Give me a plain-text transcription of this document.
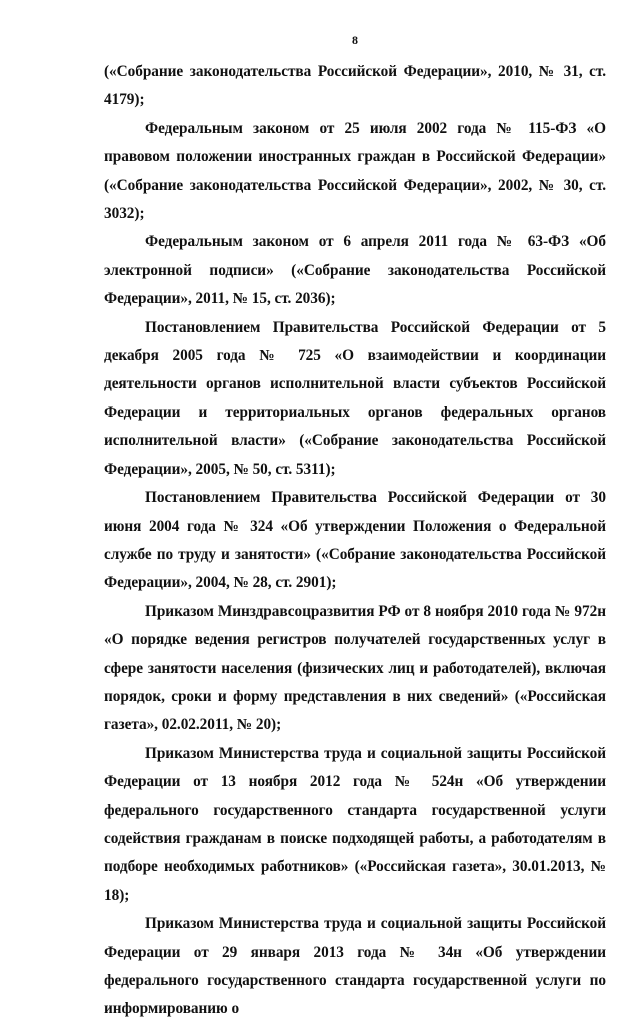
8

(«Собрание законодательства Российской Федерации», 2010, № 31, ст. 4179);

Федеральным законом от 25 июля 2002 года № 115-ФЗ «О правовом положении иностранных граждан в Российской Федерации» («Собрание законодательства Российской Федерации», 2002, № 30, ст. 3032);

Федеральным законом от 6 апреля 2011 года № 63-ФЗ «Об электронной подписи» («Собрание законодательства Российской Федерации», 2011, № 15, ст. 2036);

Постановлением Правительства Российской Федерации от 5 декабря 2005 года № 725 «О взаимодействии и координации деятельности органов исполнительной власти субъектов Российской Федерации и территориальных органов федеральных органов исполнительной власти» («Собрание законодательства Российской Федерации», 2005, № 50, ст. 5311);

Постановлением Правительства Российской Федерации от 30 июня 2004 года № 324 «Об утверждении Положения о Федеральной службе по труду и занятости» («Собрание законодательства Российской Федерации», 2004, № 28, ст. 2901);

Приказом Минздравсоцразвития РФ от 8 ноября 2010 года № 972н «О порядке ведения регистров получателей государственных услуг в сфере занятости населения (физических лиц и работодателей), включая порядок, сроки и форму представления в них сведений» («Российская газета», 02.02.2011, № 20);

Приказом Министерства труда и социальной защиты Российской Федерации от 13 ноября 2012 года № 524н «Об утверждении федерального государственного стандарта государственной услуги содействия гражданам в поиске подходящей работы, а работодателям в подборе необходимых работников» («Российская газета», 30.01.2013, № 18);

Приказом Министерства труда и социальной защиты Российской Федерации от 29 января 2013 года № 34н «Об утверждении федерального государственного стандарта государственной услуги по информированию о
